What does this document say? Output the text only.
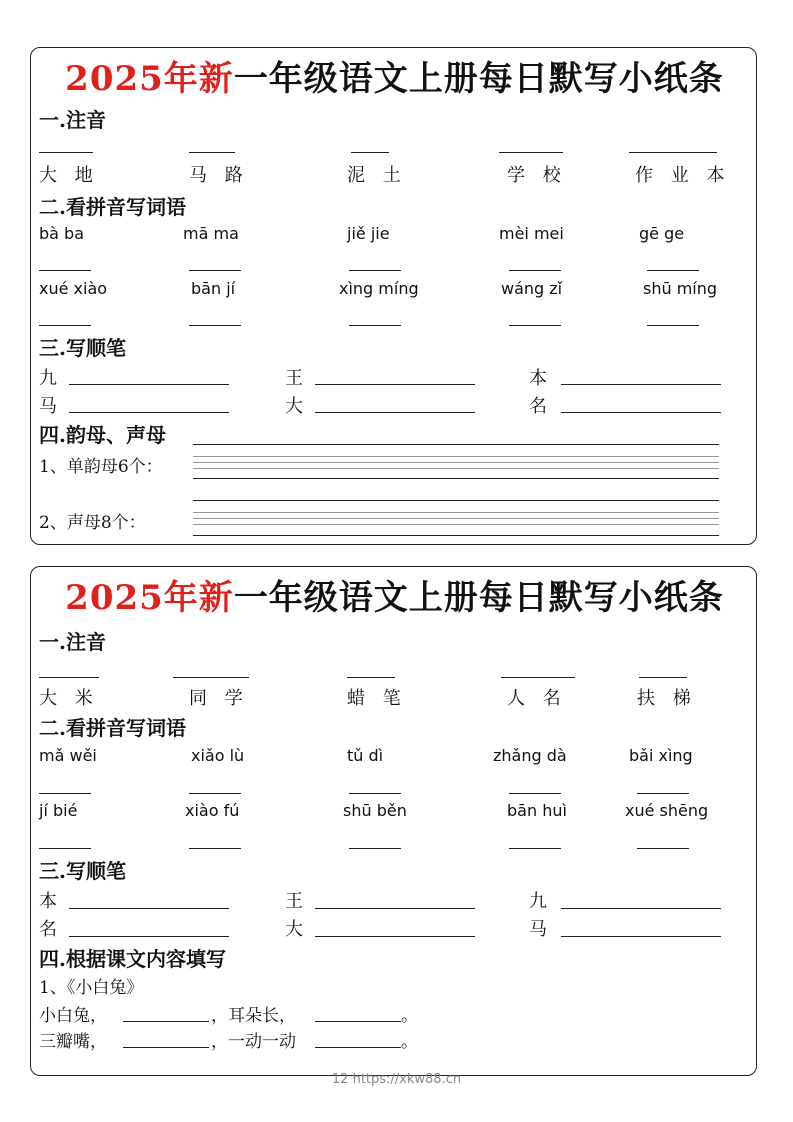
2025年新一年级语文上册每日默写小纸条
一.注音
大 地	马 路	泥 土	学 校	作 业 本
二.看拼音写词语
bà ba	mā ma	jiě jie	mèi mei	gē ge
xué xiào	bān jí	xìng míng	wáng zǐ	shū míng
三.写顺笔
九	王	本
马	大	名
四.韵母、声母
1、单韵母6个：
2、声母8个：
2025年新一年级语文上册每日默写小纸条
一.注音
大 米	同 学	蜡 笔	人 名	扶 梯
二.看拼音写词语
mǎ wěi	xiǎo lù	tǔ dì	zhǎng dà	bǎi xìng
jí bié	xiào fú	shū běn	bān huì	xué shēng
三.写顺笔
本	王	九
名	大	马
四.根据课文内容填写
1、《小白兔》
小白兔，	，耳朵长，	。
三瓣嘴，	，一动一动	。
12 https://xkw88.cn
